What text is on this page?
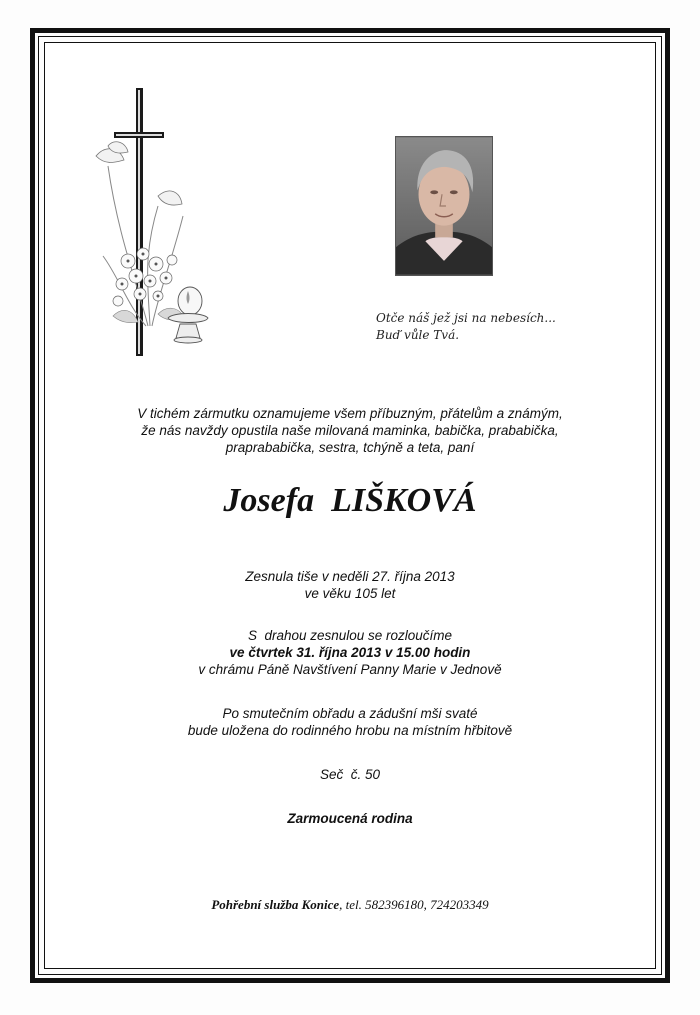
Otče náš jež jsi na nebesích...
Buď vůle Tvá.
V tichém zármutku oznamujeme všem příbuzným, přátelům a známým,
že nás navždy opustila naše milovaná maminka, babička, prababička,
praprababička, sestra, tchýně a teta, paní
Josefa  LIŠKOVÁ
Zesnula tiše v neděli 27. října 2013
ve věku 105 let
S  drahou zesnulou se rozloučíme
ve čtvrtek 31. října 2013 v 15.00 hodin
v chrámu Páně Navštívení Panny Marie v Jednově
Po smutečním obřadu a zádušní mši svaté
bude uložena do rodinného hrobu na místním hřbitově
Seč  č. 50
Zarmoucená rodina
Pohřební služba Konice, tel. 582396180, 724203349
